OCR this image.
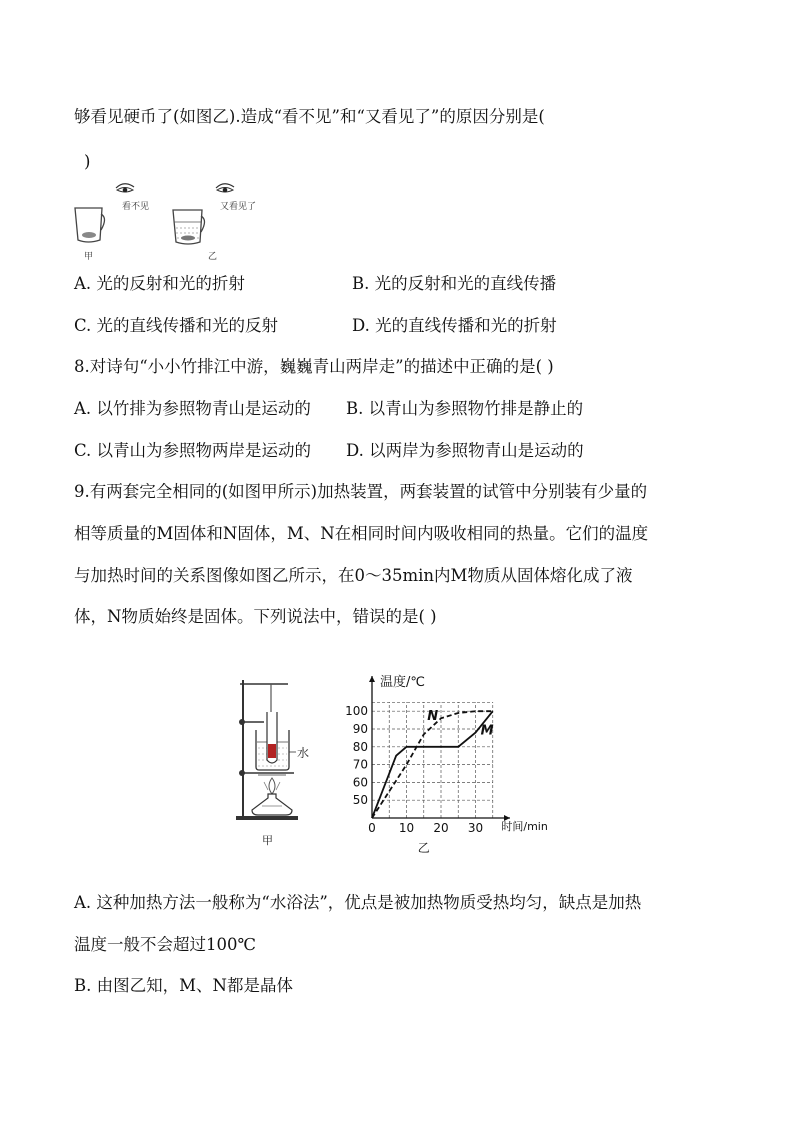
够看见硬币了(如图乙).造成“看不见”和“又看见了”的原因分别是(
)
看不见	又看见了
甲	乙
A. 光的反射和光的折射	B. 光的反射和光的直线传播
C. 光的直线传播和光的反射	D. 光的直线传播和光的折射
8.对诗句“小小竹排江中游，巍巍青山两岸走”的描述中正确的是( )
A. 以竹排为参照物青山是运动的 B. 以青山为参照物竹排是静止的
C. 以青山为参照物两岸是运动的 D. 以两岸为参照物青山是运动的
9.有两套完全相同的(如图甲所示)加热装置，两套装置的试管中分别装有少量的
相等质量的M固体和N固体，M、N在相同时间内吸收相同的热量。它们的温度
与加热时间的关系图像如图乙所示，在0～35min内M物质从固体熔化成了液
体，N物质始终是固体。下列说法中，错误的是( )
水
甲
温度/℃
时间/min
50
60
70
80
90
100
0 10 20 30
M
N
乙
A. 这种加热方法一般称为“水浴法”，优点是被加热物质受热均匀，缺点是加热
温度一般不会超过100℃
B. 由图乙知，M、N都是晶体
